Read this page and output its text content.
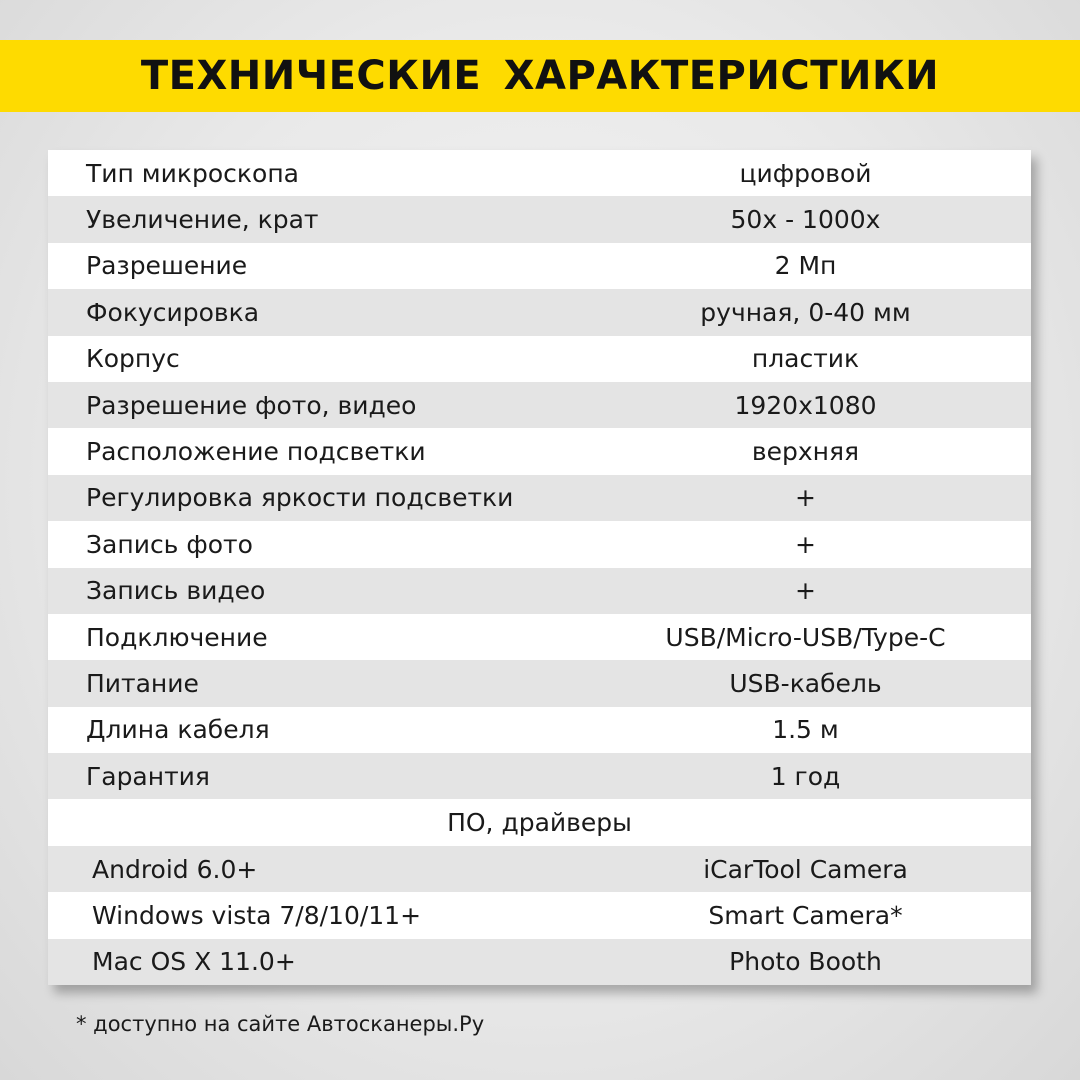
ТЕХНИЧЕСКИЕ ХАРАКТЕРИСТИКИ
Тип микроскопа	цифровой
Увеличение, крат	50x - 1000x
Разрешение	2 Мп
Фокусировка	ручная, 0-40 мм
Корпус	пластик
Разрешение фото, видео	1920x1080
Расположение подсветки	верхняя
Регулировка яркости подсветки	+
Запись фото	+
Запись видео	+
Подключение	USB/Micro-USB/Type-C
Питание	USB-кабель
Длина кабеля	1.5 м
Гарантия	1 год
ПО, драйверы
Android 6.0+	iCarTool Camera
Windows vista 7/8/10/11+	Smart Camera*
Mac OS X 11.0+	Photo Booth
* доступно на сайте Автосканеры.Ру
